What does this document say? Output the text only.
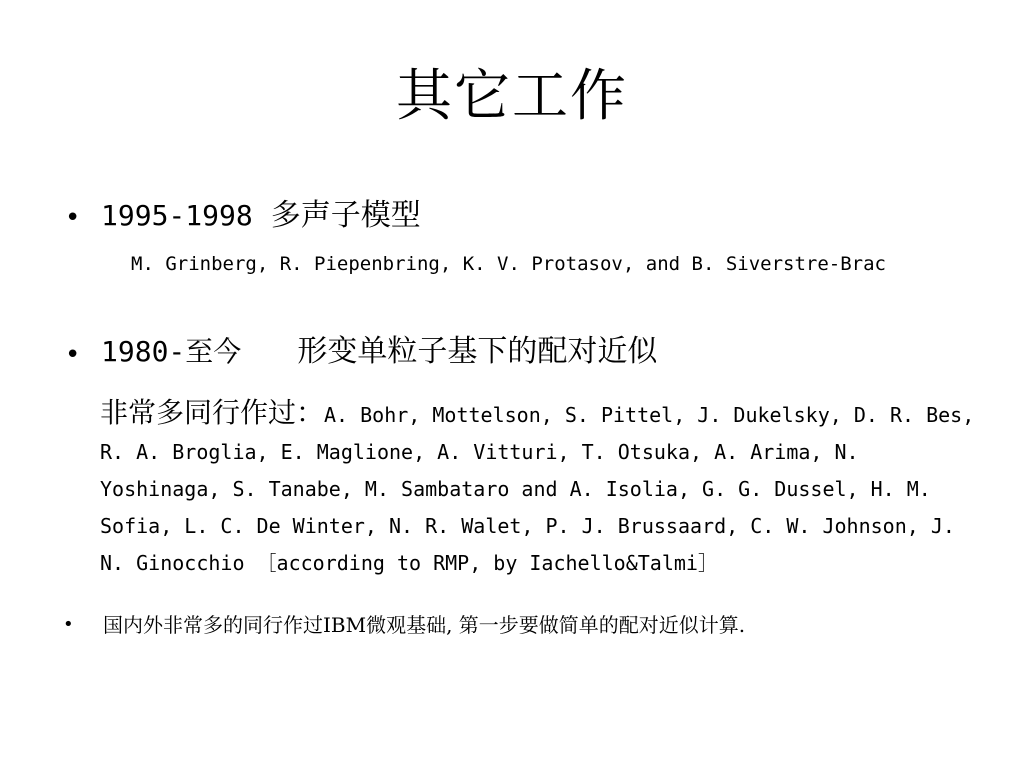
其它工作
• 1995-1998 多声子模型
M. Grinberg, R. Piepenbring, K. V. Protasov, and B. Siverstre-Brac
• 1980-至今 形变单粒子基下的配对近似
非常多同行作过：A. Bohr, Mottelson, S. Pittel, J. Dukelsky, D. R. Bes, R. A. Broglia, E. Maglione, A. Vitturi, T. Otsuka, A. Arima, N. Yoshinaga, S. Tanabe, M. Sambataro and A. Isolia, G. G. Dussel, H. M. Sofia, L. C. De Winter, N. R. Walet, P. J. Brussaard, C. W. Johnson, J. N. Ginocchio ［according to RMP, by Iachello&Talmi］
• 国内外非常多的同行作过IBM微观基础, 第一步要做简单的配对近似计算.
